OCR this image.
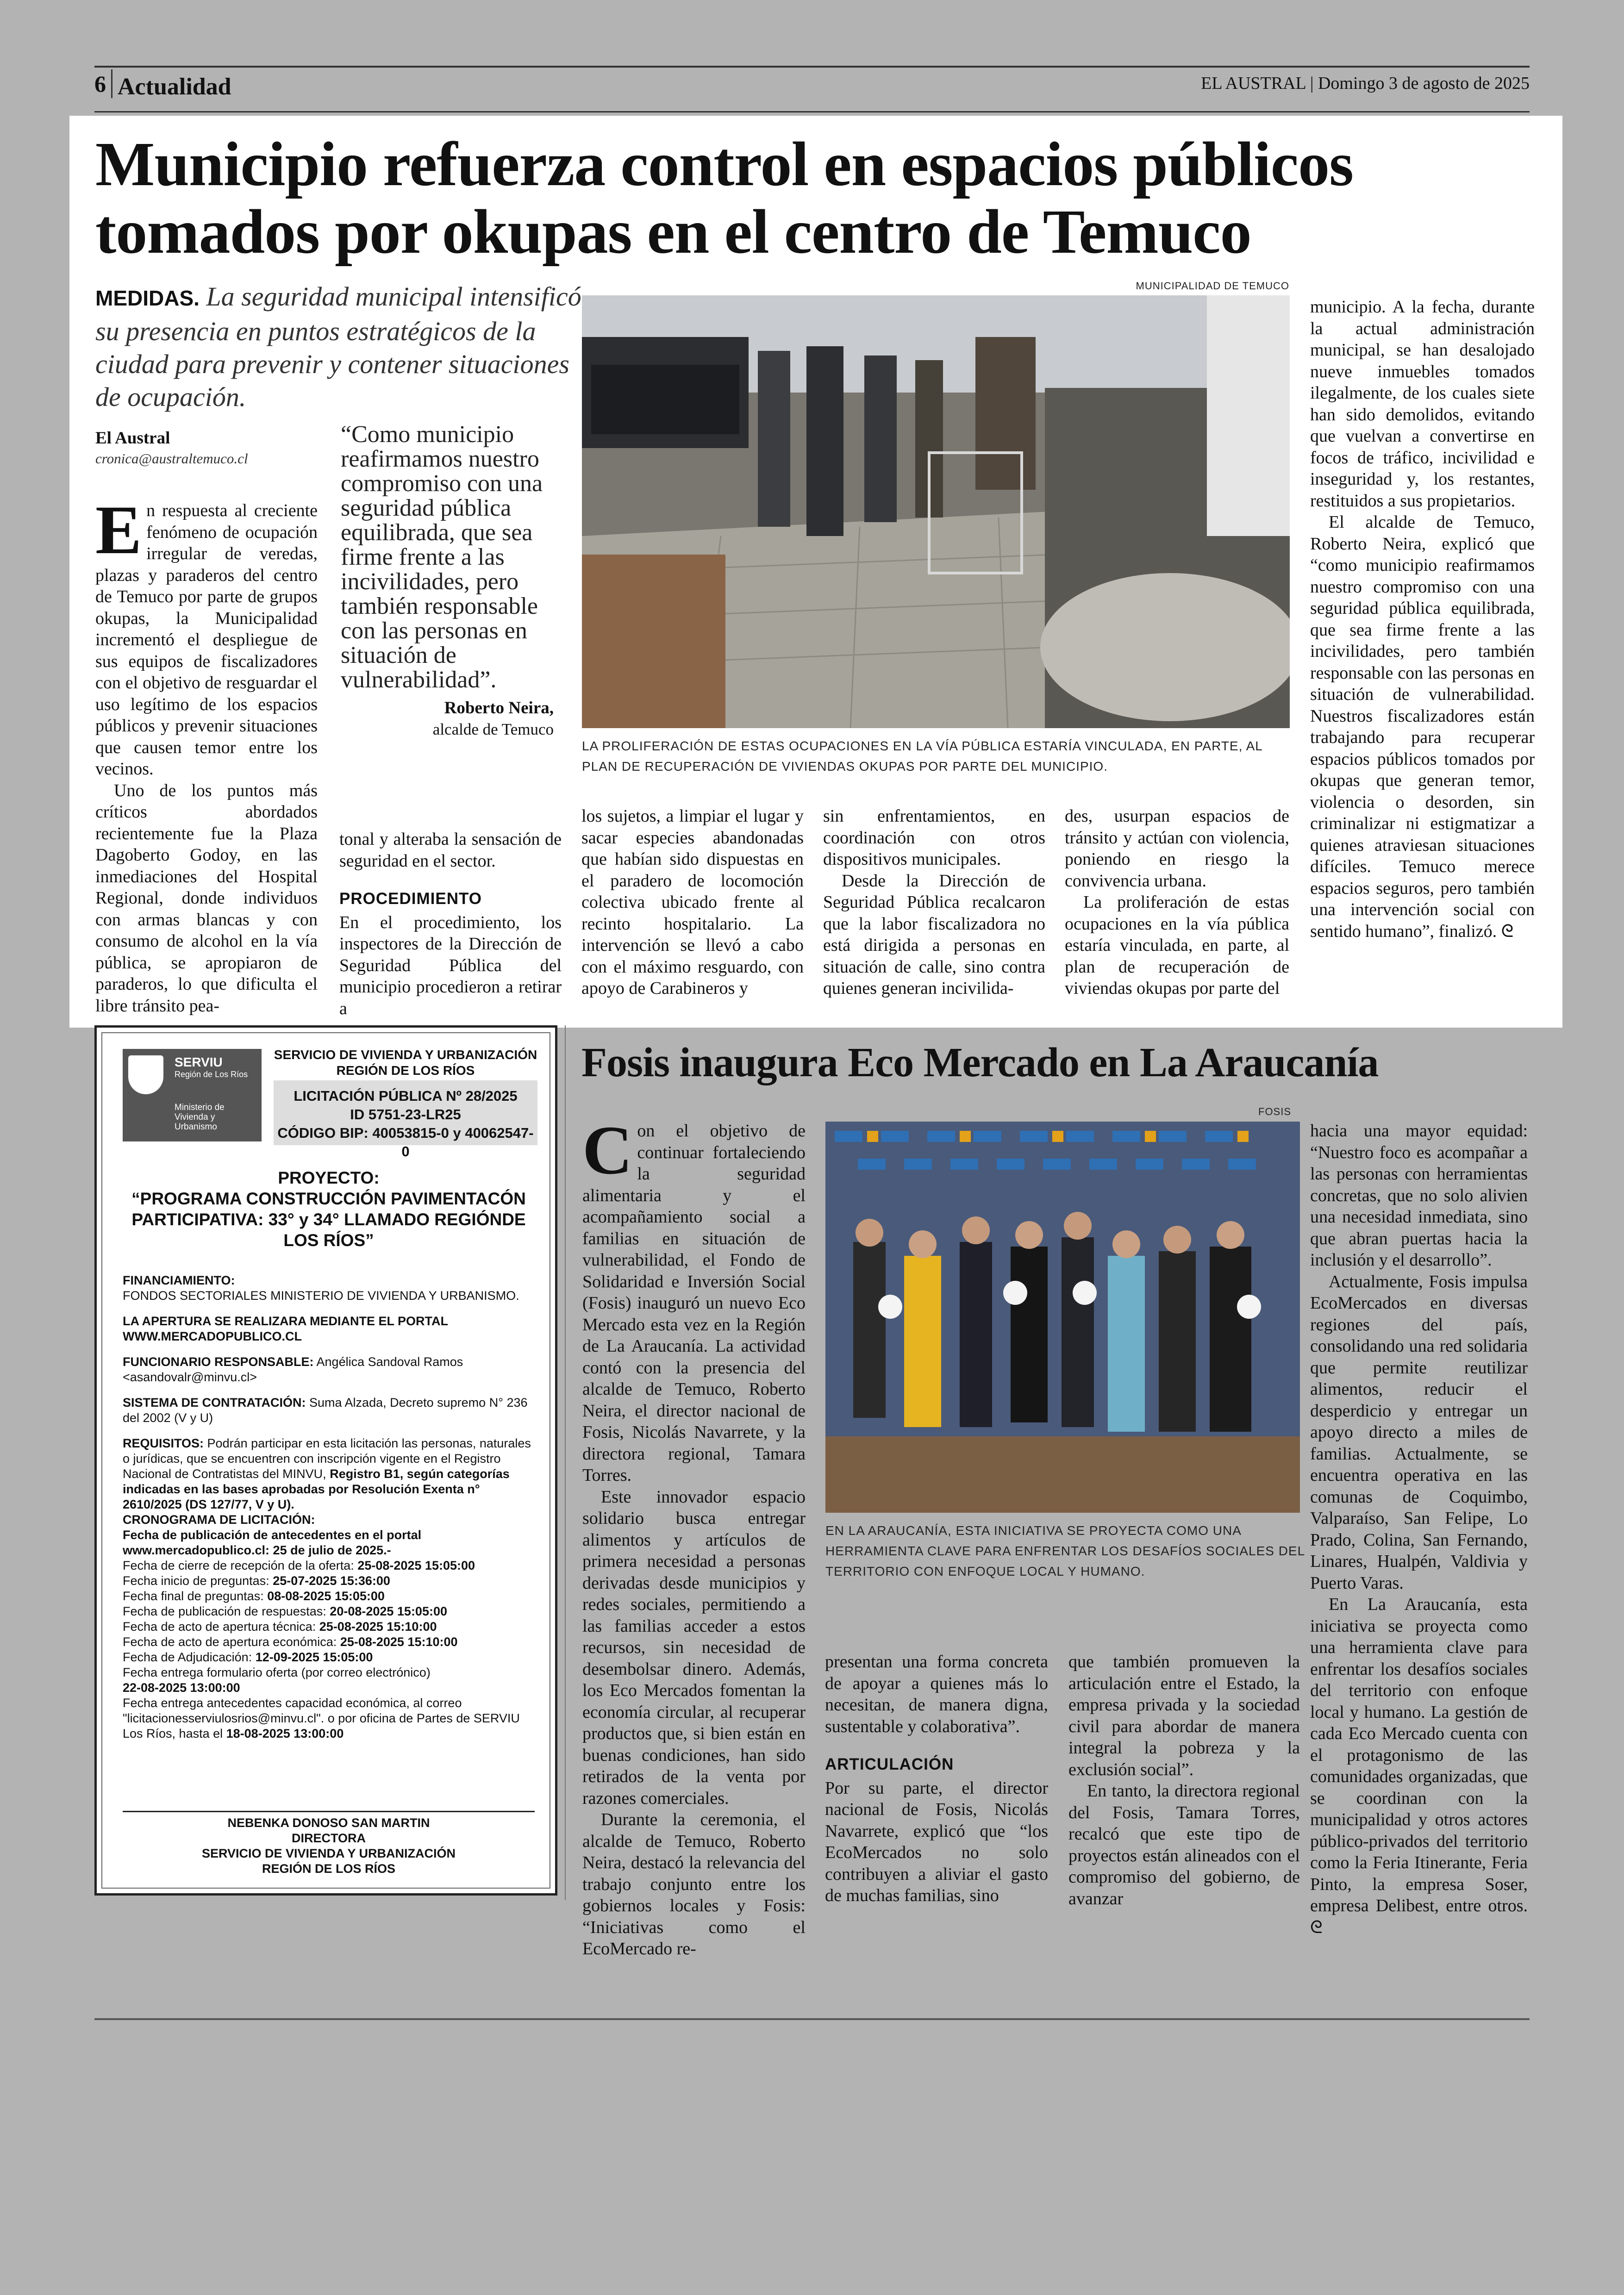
6 Actualidad	EL AUSTRAL | Domingo 3 de agosto de 2025
Municipio refuerza control en espacios públicos tomados por okupas en el centro de Temuco
MEDIDAS. La seguridad municipal intensificó su presencia en puntos estratégicos de la ciudad para prevenir y contener situaciones de ocupación.
El Austral
cronica@australtemuco.cl
E n respuesta al creciente fenómeno de ocupación irregular de veredas, plazas y paraderos del centro de Temuco por parte de grupos okupas, la Municipalidad incrementó el despliegue de sus equipos de fiscalizadores con el objetivo de resguardar el uso legítimo de los espacios públicos y prevenir situaciones que causen temor entre los vecinos.

Uno de los puntos más críticos abordados recientemente fue la Plaza Dagoberto Godoy, en las inmediaciones del Hospital Regional, donde individuos con armas blancas y con consumo de alcohol en la vía pública, se apropiaron de paraderos, lo que dificulta el libre tránsito pea-

“Como municipio reafirmamos nuestro compromiso con una seguridad pública equilibrada, que sea firme frente a las incivilidades, pero también responsable con las personas en situación de vulnerabilidad”.
Roberto Neira,
alcalde de Temuco

tonal y alteraba la sensación de seguridad en el sector.

PROCEDIMIENTO

En el procedimiento, los inspectores de la Dirección de Seguridad Pública del municipio procedieron a retirar a

los sujetos, a limpiar el lugar y sacar especies abandonadas que habían sido dispuestas en el paradero de locomoción colectiva ubicado frente al recinto hospitalario. La intervención se llevó a cabo con el máximo resguardo, con apoyo de Carabineros y

sin enfrentamientos, en coordinación con otros dispositivos municipales.

Desde la Dirección de Seguridad Pública recalcaron que la labor fiscalizadora no está dirigida a personas en situación de calle, sino contra quienes generan incivilida-

des, usurpan espacios de tránsito y actúan con violencia, poniendo en riesgo la convivencia urbana.

La proliferación de estas ocupaciones en la vía pública estaría vinculada, en parte, al plan de recuperación de viviendas okupas por parte del

municipio. A la fecha, durante la actual administración municipal, se han desalojado nueve inmuebles tomados ilegalmente, de los cuales siete han sido demolidos, evitando que vuelvan a convertirse en focos de tráfico, incivilidad e inseguridad y, los restantes, restituidos a sus propietarios.

El alcalde de Temuco, Roberto Neira, explicó que “como municipio reafirmamos nuestro compromiso con una seguridad pública equilibrada, que sea firme frente a las incivilidades, pero también responsable con las personas en situación de vulnerabilidad. Nuestros fiscalizadores están trabajando para recuperar espacios públicos tomados por okupas que generan temor, violencia o desorden, sin criminalizar ni estigmatizar a quienes atraviesan situaciones difíciles. Temuco merece espacios seguros, pero también una intervención social con sentido humano”, finalizó. ᘓ

MUNICIPALIDAD DE TEMUCO
LA PROLIFERACIÓN DE ESTAS OCUPACIONES EN LA VÍA PÚBLICA ESTARÍA VINCULADA, EN PARTE, AL PLAN DE RECUPERACIÓN DE VIVIENDAS OKUPAS POR PARTE DEL MUNICIPIO.
SERVIU
Región de Los Ríos
Ministerio de Vivienda y Urbanismo
SERVICIO DE VIVIENDA Y URBANIZACIÓN REGIÓN DE LOS RÍOS
LICITACIÓN PÚBLICA Nº 28/2025
ID 5751-23-LR25
CÓDIGO BIP: 40053815-0 y 40062547-0
PROYECTO:
“PROGRAMA CONSTRUCCIÓN PAVIMENTACÓN PARTICIPATIVA: 33° y 34° LLAMADO REGIÓNDE LOS RÍOS”

FINANCIAMIENTO:
FONDOS SECTORIALES MINISTERIO DE VIVIENDA Y URBANISMO.

LA APERTURA SE REALIZARA MEDIANTE EL PORTAL WWW.MERCADOPUBLICO.CL

FUNCIONARIO RESPONSABLE: Angélica Sandoval Ramos <asandovalr@minvu.cl>

SISTEMA DE CONTRATACIÓN: Suma Alzada, Decreto supremo N° 236 del 2002 (V y U)

REQUISITOS: Podrán participar en esta licitación las personas, naturales o jurídicas, que se encuentren con inscripción vigente en el Registro Nacional de Contratistas del MINVU, Registro B1, según categorías indicadas en las bases aprobadas por Resolución Exenta n° 2610/2025 (DS 127/77, V y U).

CRONOGRAMA DE LICITACIÓN:

Fecha de publicación de antecedentes en el portal www.mercadopublico.cl: 25 de julio de 2025.-

Fecha de cierre de recepción de la oferta: 25-08-2025 15:05:00
Fecha inicio de preguntas: 25-07-2025 15:36:00
Fecha final de preguntas: 08-08-2025 15:05:00
Fecha de publicación de respuestas: 20-08-2025 15:05:00
Fecha de acto de apertura técnica: 25-08-2025 15:10:00
Fecha de acto de apertura económica: 25-08-2025 15:10:00
Fecha de Adjudicación: 12-09-2025 15:05:00
Fecha entrega formulario oferta (por correo electrónico)
22-08-2025 13:00:00
Fecha entrega antecedentes capacidad económica, al correo "licitacionesserviulosrios@minvu.cl". o por oficina de Partes de SERVIU Los Ríos, hasta el 18-08-2025 13:00:00
NEBENKA DONOSO SAN MARTIN
DIRECTORA
SERVICIO DE VIVIENDA Y URBANIZACIÓN
REGIÓN DE LOS RÍOS
Fosis inaugura Eco Mercado en La Araucanía
C on el objetivo de continuar fortaleciendo la seguridad alimentaria y el acompañamiento social a familias en situación de vulnerabilidad, el Fondo de Solidaridad e Inversión Social (Fosis) inauguró un nuevo Eco Mercado esta vez en la Región de La Araucanía. La actividad contó con la presencia del alcalde de Temuco, Roberto Neira, el director nacional de Fosis, Nicolás Navarrete, y la directora regional, Tamara Torres.

Este innovador espacio solidario busca entregar alimentos y artículos de primera necesidad a personas derivadas desde municipios y redes sociales, permitiendo a las familias acceder a estos recursos, sin necesidad de desembolsar dinero. Además, los Eco Mercados fomentan la economía circular, al recuperar productos que, si bien están en buenas condiciones, han sido retirados de la venta por razones comerciales.

Durante la ceremonia, el alcalde de Temuco, Roberto Neira, destacó la relevancia del trabajo conjunto entre los gobiernos locales y Fosis: “Iniciativas como el EcoMercado re-

FOSIS
EN LA ARAUCANÍA, ESTA INICIATIVA SE PROYECTA COMO UNA HERRAMIENTA CLAVE PARA ENFRENTAR LOS DESAFÍOS SOCIALES DEL TERRITORIO CON ENFOQUE LOCAL Y HUMANO.

presentan una forma concreta de apoyar a quienes más lo necesitan, de manera digna, sustentable y colaborativa”.

ARTICULACIÓN

Por su parte, el director nacional de Fosis, Nicolás Navarrete, explicó que “los EcoMercados no solo contribuyen a aliviar el gasto de muchas familias, sino

que también promueven la articulación entre el Estado, la empresa privada y la sociedad civil para abordar de manera integral la pobreza y la exclusión social”.

En tanto, la directora regional del Fosis, Tamara Torres, recalcó que este tipo de proyectos están alineados con el compromiso del gobierno, de avanzar

hacia una mayor equidad: “Nuestro foco es acompañar a las personas con herramientas concretas, que no solo alivien una necesidad inmediata, sino que abran puertas hacia la inclusión y el desarrollo”.

Actualmente, Fosis impulsa EcoMercados en diversas regiones del país, consolidando una red solidaria que permite reutilizar alimentos, reducir el desperdicio y entregar un apoyo directo a miles de familias. Actualmente, se encuentra operativa en las comunas de Coquimbo, Valparaíso, San Felipe, Lo Prado, Colina, San Fernando, Linares, Hualpén, Valdivia y Puerto Varas.

En La Araucanía, esta iniciativa se proyecta como una herramienta clave para enfrentar los desafíos sociales del territorio con enfoque local y humano. La gestión de cada Eco Mercado cuenta con el protagonismo de las comunidades organizadas, que se coordinan con la municipalidad y otros actores público-privados del territorio como la Feria Itinerante, Feria Pinto, la empresa Soser, empresa Delibest, entre otros. ᘓ
